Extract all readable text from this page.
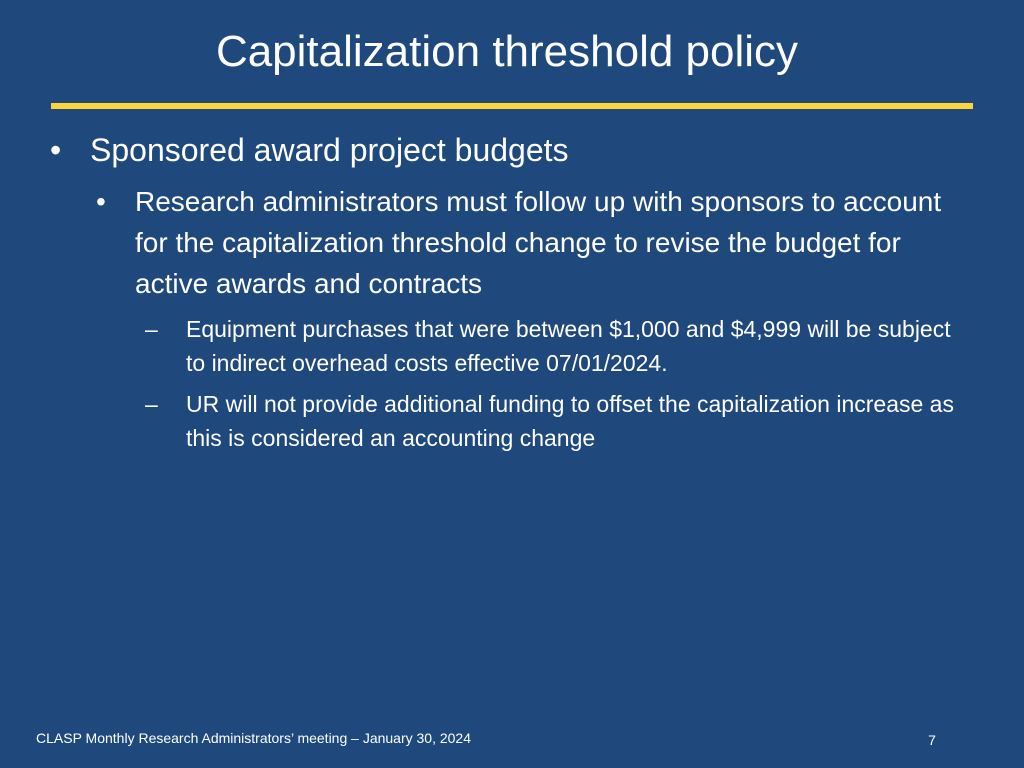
Capitalization threshold policy
• Sponsored award project budgets
•	Research administrators must follow up with sponsors to account for the capitalization threshold change to revise the budget for active awards and contracts
–	Equipment purchases that were between $1,000 and $4,999 will be subject to indirect overhead costs effective 07/01/2024.
–	UR will not provide additional funding to offset the capitalization increase as this is considered an accounting change
CLASP Monthly Research Administrators’ meeting – January 30, 2024	7
